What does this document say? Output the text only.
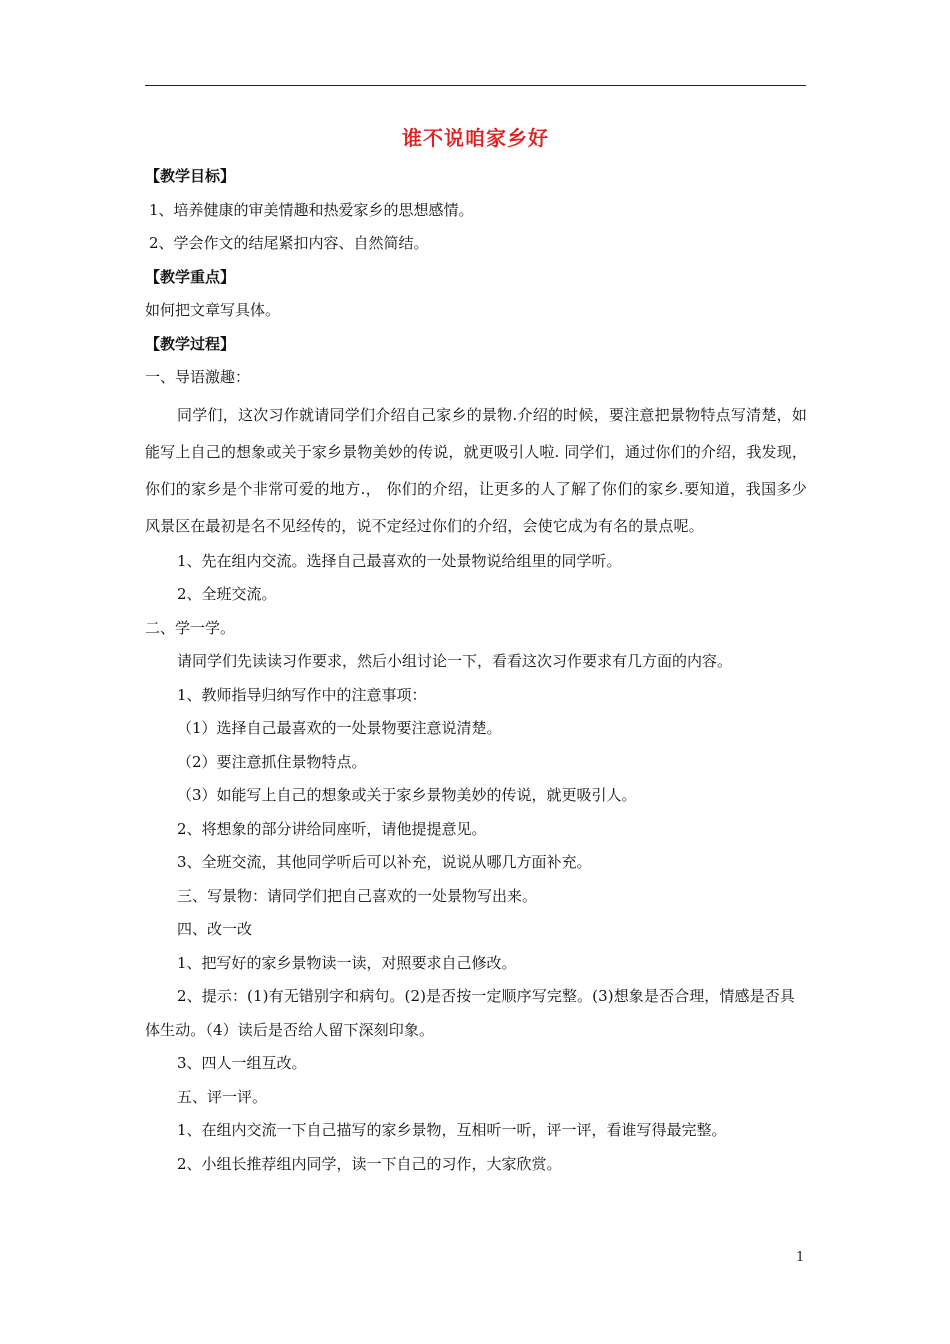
谁不说咱家乡好

【教学目标】

1、培养健康的审美情趣和热爱家乡的思想感情。

2、学会作文的结尾紧扣内容、自然简结。

【教学重点】

如何把文章写具体。

【教学过程】

一、导语激趣：

同学们，这次习作就请同学们介绍自己家乡的景物.介绍的时候，要注意把景物特点写清楚，如能写上自己的想象或关于家乡景物美妙的传说，就更吸引人啦. 同学们，通过你们的介绍，我发现，你们的家乡是个非常可爱的地方.， 你们的介绍，让更多的人了解了你们的家乡.要知道，我国多少风景区在最初是名不见经传的，说不定经过你们的介绍，会使它成为有名的景点呢。

1、先在组内交流。选择自己最喜欢的一处景物说给组里的同学听。

2、全班交流。

二、学一学。

请同学们先读读习作要求，然后小组讨论一下，看看这次习作要求有几方面的内容。

1、教师指导归纳写作中的注意事项：

（1）选择自己最喜欢的一处景物要注意说清楚。

（2）要注意抓住景物特点。

（3）如能写上自己的想象或关于家乡景物美妙的传说，就更吸引人。

2、将想象的部分讲给同座听，请他提提意见。

3、全班交流，其他同学听后可以补充，说说从哪几方面补充。

三、写景物：请同学们把自己喜欢的一处景物写出来。

四、改一改

1、把写好的家乡景物读一读，对照要求自己修改。

2、提示：(1)有无错别字和病句。(2)是否按一定顺序写完整。(3)想象是否合理，情感是否具体生动。（4）读后是否给人留下深刻印象。

3、四人一组互改。

五、评一评。

1、在组内交流一下自己描写的家乡景物，互相听一听，评一评，看谁写得最完整。

2、小组长推荐组内同学，读一下自己的习作，大家欣赏。

1
